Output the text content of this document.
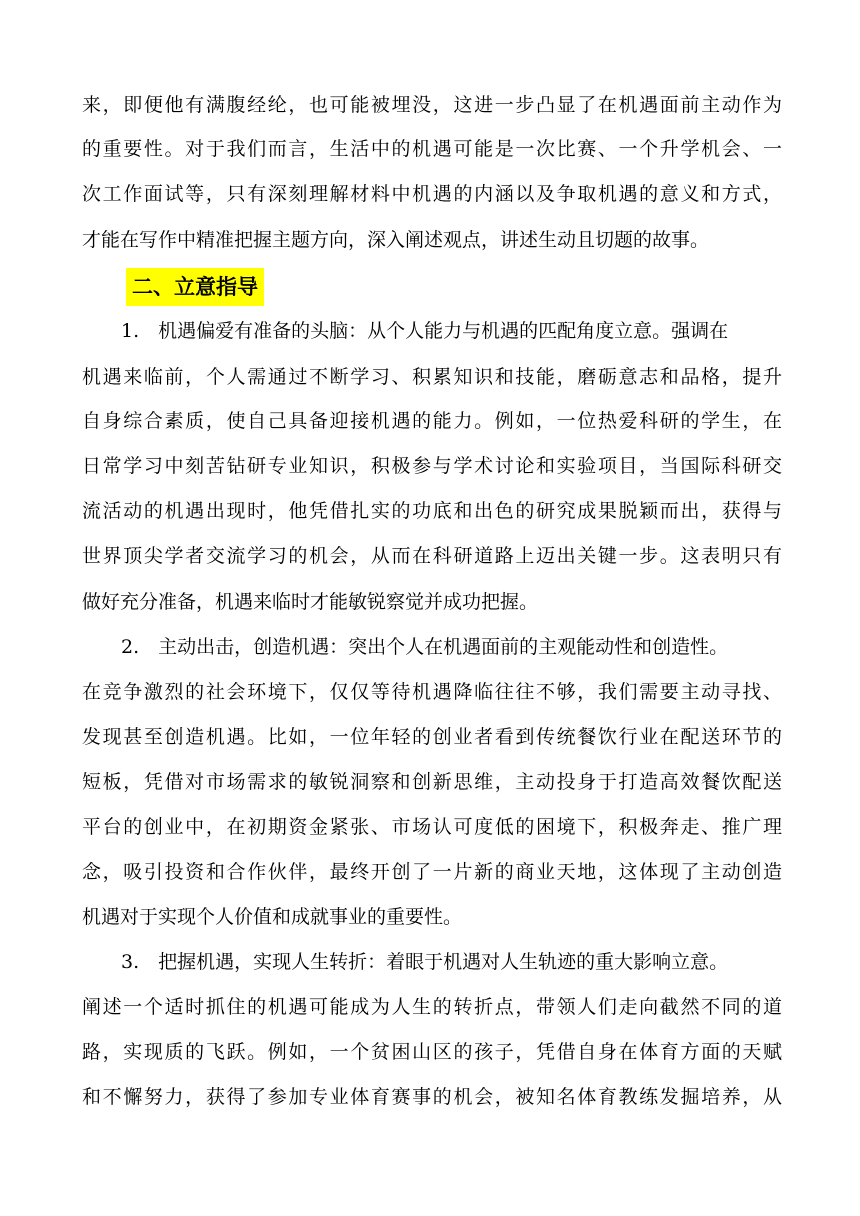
来，即便他有满腹经纶，也可能被埋没，这进一步凸显了在机遇面前主动作为
的重要性。对于我们而言，生活中的机遇可能是一次比赛、一个升学机会、一
次工作面试等，只有深刻理解材料中机遇的内涵以及争取机遇的意义和方式，
才能在写作中精准把握主题方向，深入阐述观点，讲述生动且切题的故事。
二、立意指导
1.　机遇偏爱有准备的头脑：从个人能力与机遇的匹配角度立意。强调在
机遇来临前，个人需通过不断学习、积累知识和技能，磨砺意志和品格，提升
自身综合素质，使自己具备迎接机遇的能力。例如，一位热爱科研的学生，在
日常学习中刻苦钻研专业知识，积极参与学术讨论和实验项目，当国际科研交
流活动的机遇出现时，他凭借扎实的功底和出色的研究成果脱颖而出，获得与
世界顶尖学者交流学习的机会，从而在科研道路上迈出关键一步。这表明只有
做好充分准备，机遇来临时才能敏锐察觉并成功把握。
2.　主动出击，创造机遇：突出个人在机遇面前的主观能动性和创造性。
在竞争激烈的社会环境下，仅仅等待机遇降临往往不够，我们需要主动寻找、
发现甚至创造机遇。比如，一位年轻的创业者看到传统餐饮行业在配送环节的
短板，凭借对市场需求的敏锐洞察和创新思维，主动投身于打造高效餐饮配送
平台的创业中，在初期资金紧张、市场认可度低的困境下，积极奔走、推广理
念，吸引投资和合作伙伴，最终开创了一片新的商业天地，这体现了主动创造
机遇对于实现个人价值和成就事业的重要性。
3.　把握机遇，实现人生转折：着眼于机遇对人生轨迹的重大影响立意。
阐述一个适时抓住的机遇可能成为人生的转折点，带领人们走向截然不同的道
路，实现质的飞跃。例如，一个贫困山区的孩子，凭借自身在体育方面的天赋
和不懈努力，获得了参加专业体育赛事的机会，被知名体育教练发掘培养，从
